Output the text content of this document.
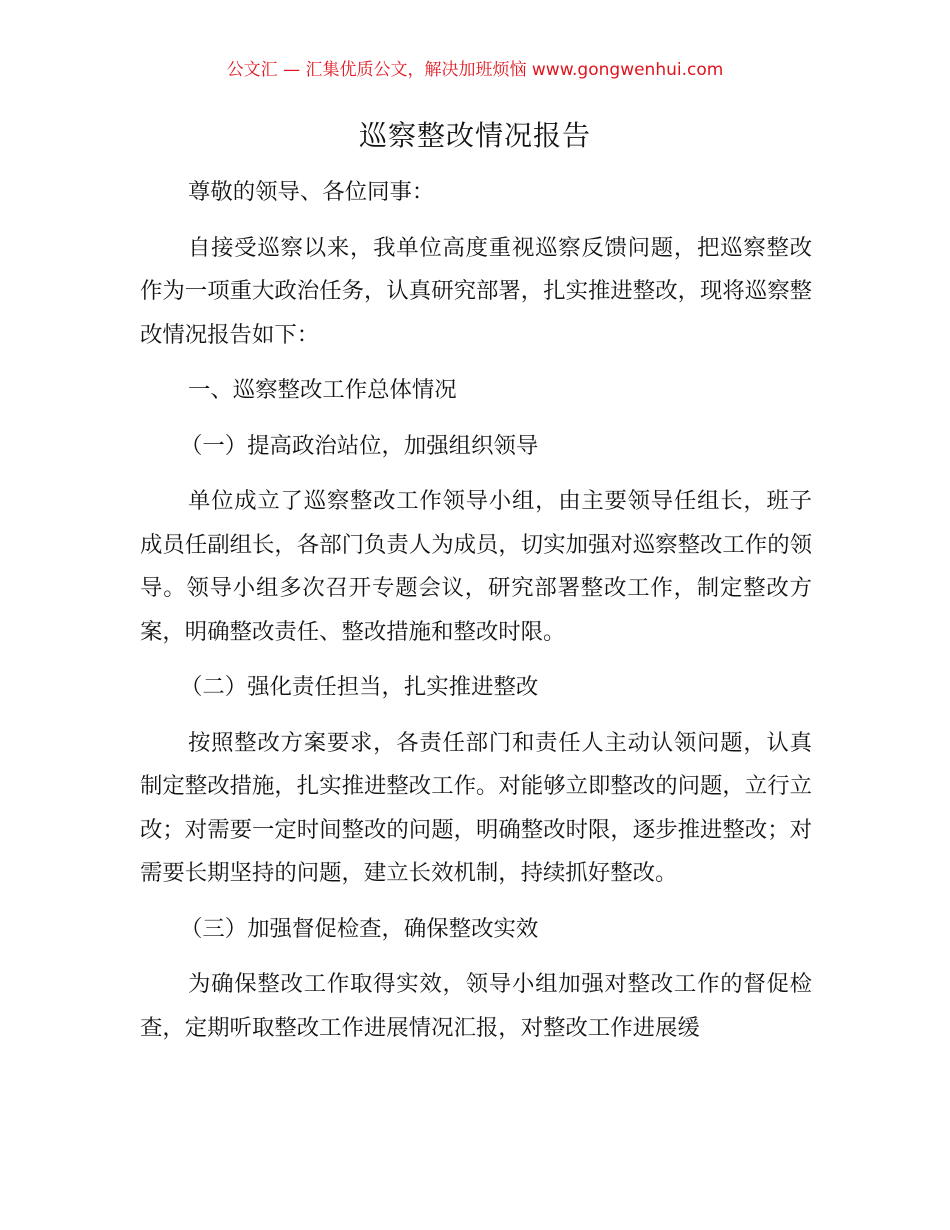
公文汇 — 汇集优质公文，解决加班烦恼 www.gongwenhui.com
巡察整改情况报告

尊敬的领导、各位同事：

自接受巡察以来，我单位高度重视巡察反馈问题，把巡察整改作为一项重大政治任务，认真研究部署，扎实推进整改，现将巡察整改情况报告如下：

一、巡察整改工作总体情况

（一）提高政治站位，加强组织领导

单位成立了巡察整改工作领导小组，由主要领导任组长，班子成员任副组长，各部门负责人为成员，切实加强对巡察整改工作的领导。领导小组多次召开专题会议，研究部署整改工作，制定整改方案，明确整改责任、整改措施和整改时限。

（二）强化责任担当，扎实推进整改

按照整改方案要求，各责任部门和责任人主动认领问题，认真制定整改措施，扎实推进整改工作。对能够立即整改的问题，立行立改；对需要一定时间整改的问题，明确整改时限，逐步推进整改；对需要长期坚持的问题，建立长效机制，持续抓好整改。

（三）加强督促检查，确保整改实效

为确保整改工作取得实效，领导小组加强对整改工作的督促检查，定期听取整改工作进展情况汇报，对整改工作进展缓
